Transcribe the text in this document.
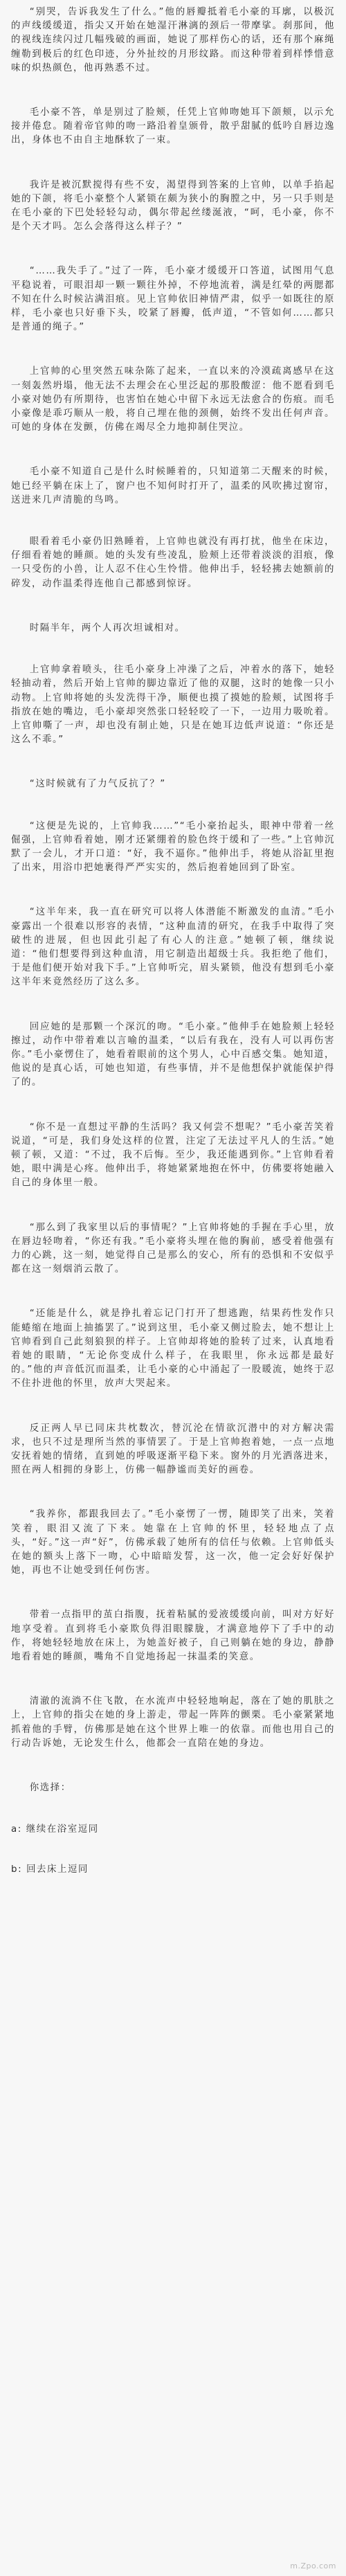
“别哭，告诉我发生了什么。”他的唇瓣抵着毛小豪的耳廓，以极沉的声线缓缓道，指尖又开始在她湿汗淋漓的颈后一带摩挲。刹那间，他的视线连续闪过几幅残破的画面，她说了那样伤心的话，还有那个麻绳缠勒到极后的红色印迹，分外扯绞的月形纹路。而这种带着到样悸惜意味的炽热颜色，他再熟悉不过。

毛小豪不答，单是别过了脸颊，任凭上官帅吻她耳下颌颊，以示允接并倦怠。随着帝官帅的吻一路沿着皇颁骨，散乎甜腻的低吟自唇边逸出，身体也不由自主地酥软了一束。

我许是被沉默搅得有些不安，渴望得到答案的上官帅，以单手掐起她的下颌，将毛小豪整个人紧锁在颇为狭小的胸膛之中，另一只手则是在毛小豪的下巴处轻轻勾动，偶尔带起丝缕涎液，“呵，毛小豪，你不是个天才吗。怎么会落得这么样子？”

“……我失手了。”过了一阵，毛小豪才缓缓开口答道，试图用气息平稳说着，可眼泪却一颗一颗往外掉，不停地流着，满是红晕的两腮都不知在什么时候沾满泪痕。见上官帅依旧神情严肃，似乎一如既往的原样，毛小豪也只好垂下头，咬紧了唇瓣，低声道，“不管如何……都只是普通的绳子。”

上官帅的心里突然五味杂陈了起来，一直以来的冷漠疏离感早在这一刻轰然坍塌，他无法不去理会在心里泛起的那股酸涩：他不愿看到毛小豪对她仍有所期待，也害怕在她心中留下永远无法愈合的伤痕。而毛小豪像是乖巧顺从一般，将自己埋在他的颈侧，始终不发出任何声音。可她的身体在发颤，仿佛在竭尽全力地抑制住哭泣。

毛小豪不知道自己是什么时候睡着的，只知道第二天醒来的时候，她已经平躺在床上了，窗户也不知何时打开了，温柔的风吹拂过窗帘，送进来几声清脆的鸟鸣。

眼看着毛小豪仍旧熟睡着，上官帅也就没有再打扰，他坐在床边，仔细看着她的睡颜。她的头发有些凌乱，脸颊上还带着淡淡的泪痕，像一只受伤的小兽，让人忍不住心生怜惜。他伸出手，轻轻拂去她额前的碎发，动作温柔得连他自己都感到惊讶。

时隔半年，两个人再次坦诚相对。

上官帅拿着喷头，往毛小豪身上冲澡了之后，冲着水的落下，她轻轻抽动着，然后开始上官帅的脚边靠近了他的双腿，这时的她像一只小动物。上官帅将她的头发洗得干净，顺便也摸了摸她的脸颊，试图将手指放在她的嘴边，毛小豪却突然张口轻轻咬了一下，一边用力吸吮着。上官帅嘶了一声，却也没有制止她，只是在她耳边低声说道：“你还是这么不乖。”

“这时候就有了力气反抗了？”

“这便是先说的，上官帅我……”“毛小豪抬起头，眼神中带着一丝倔强，上官帅看着她，刚才还紧绷着的脸色终于缓和了一些。”上官帅沉默了一会儿，才开口道：“好，我不逼你。”他伸出手，将她从浴缸里抱了出来，用浴巾把她裹得严严实实的，然后抱着她回到了卧室。

“这半年来，我一直在研究可以将人体潜能不断激发的血清。”毛小豪露出一个很难以形容的表情，“这种血清的研究，在我手中取得了突破性的进展，但也因此引起了有心人的注意。”她顿了顿，继续说道：“他们想要得到这种血清，用它制造出超级士兵。我拒绝了他们，于是他们便开始对我下手。”上官帅听完，眉头紧锁，他没有想到毛小豪这半年来竟然经历了这么多。

回应她的是那颗一个深沉的吻。“毛小豪。”他伸手在她脸颊上轻轻擦过，动作中带着难以言喻的温柔，“以后有我在，没有人可以再伤害你。”毛小豪愣住了，她看着眼前的这个男人，心中百感交集。她知道，他说的是真心话，可她也知道，有些事情，并不是他想保护就能保护得了的。

“你不是一直想过平静的生活吗？我又何尝不想呢？”毛小豪苦笑着说道，“可是，我们身处这样的位置，注定了无法过平凡人的生活。”她顿了顿，又道：“不过，我不后悔。至少，我还能遇到你。”上官帅看着她，眼中满是心疼。他伸出手，将她紧紧地抱在怀中，仿佛要将她融入自己的身体里一般。

“那么到了我家里以后的事情呢？”上官帅将她的手握在手心里，放在唇边轻吻着，“你还有我。”毛小豪将头埋在他的胸前，感受着他强有力的心跳，这一刻，她觉得自己是那么的安心，所有的恐惧和不安似乎都在这一刻烟消云散了。

“还能是什么，就是挣扎着忘记门打开了想逃跑，结果药性发作只能蜷缩在地面上抽搐罢了。”说到这里，毛小豪又侧过脸去，她不想让上官帅看到自己此刻狼狈的样子。上官帅却将她的脸转了过来，认真地看着她的眼睛，“无论你变成什么样子，在我眼里，你永远都是最好的。”他的声音低沉而温柔，让毛小豪的心中涌起了一股暖流，她终于忍不住扑进他的怀里，放声大哭起来。

反正两人早已同床共枕数次，替沉沦在情欲沉潜中的对方解决需求，也只不过是理所当然的事情罢了。于是上官帅抱着她，一点一点地安抚着她的情绪，直到她的呼吸逐渐平稳下来。窗外的月光洒落进来，照在两人相拥的身影上，仿佛一幅静谧而美好的画卷。

“我养你，都跟我回去了。”毛小豪愣了一愣，随即笑了出来，笑着笑着，眼泪又流了下来。她靠在上官帅的怀里，轻轻地点了点头，“好。”这一声“好”，仿佛承载了她所有的信任与依赖。上官帅低头在她的额头上落下一吻，心中暗暗发誓，这一次，他一定会好好保护她，再也不让她受到任何伤害。

带着一点指甲的茧白指腹，抚着粘腻的爱液缓缓向前，叫对方好好地享受着。直到将毛小豪欺负得泪眼朦胧，才满意地停下了手中的动作，将她轻轻地放在床上，为她盖好被子，自己则躺在她的身边，静静地看着她的睡颜，嘴角不自觉地扬起一抹温柔的笑意。

清澈的流淌不住飞散，在水流声中轻轻地响起，落在了她的肌肤之上，上官帅的指尖在她的身上游走，带起一阵阵的颤栗。毛小豪紧紧地抓着他的手臂，仿佛那是她在这个世界上唯一的依靠。而他也用自己的行动告诉她，无论发生什么，他都会一直陪在她的身边。

你选择：

a: 继续在浴室逗同
b: 回去床上逗同
m.Zpo.com
